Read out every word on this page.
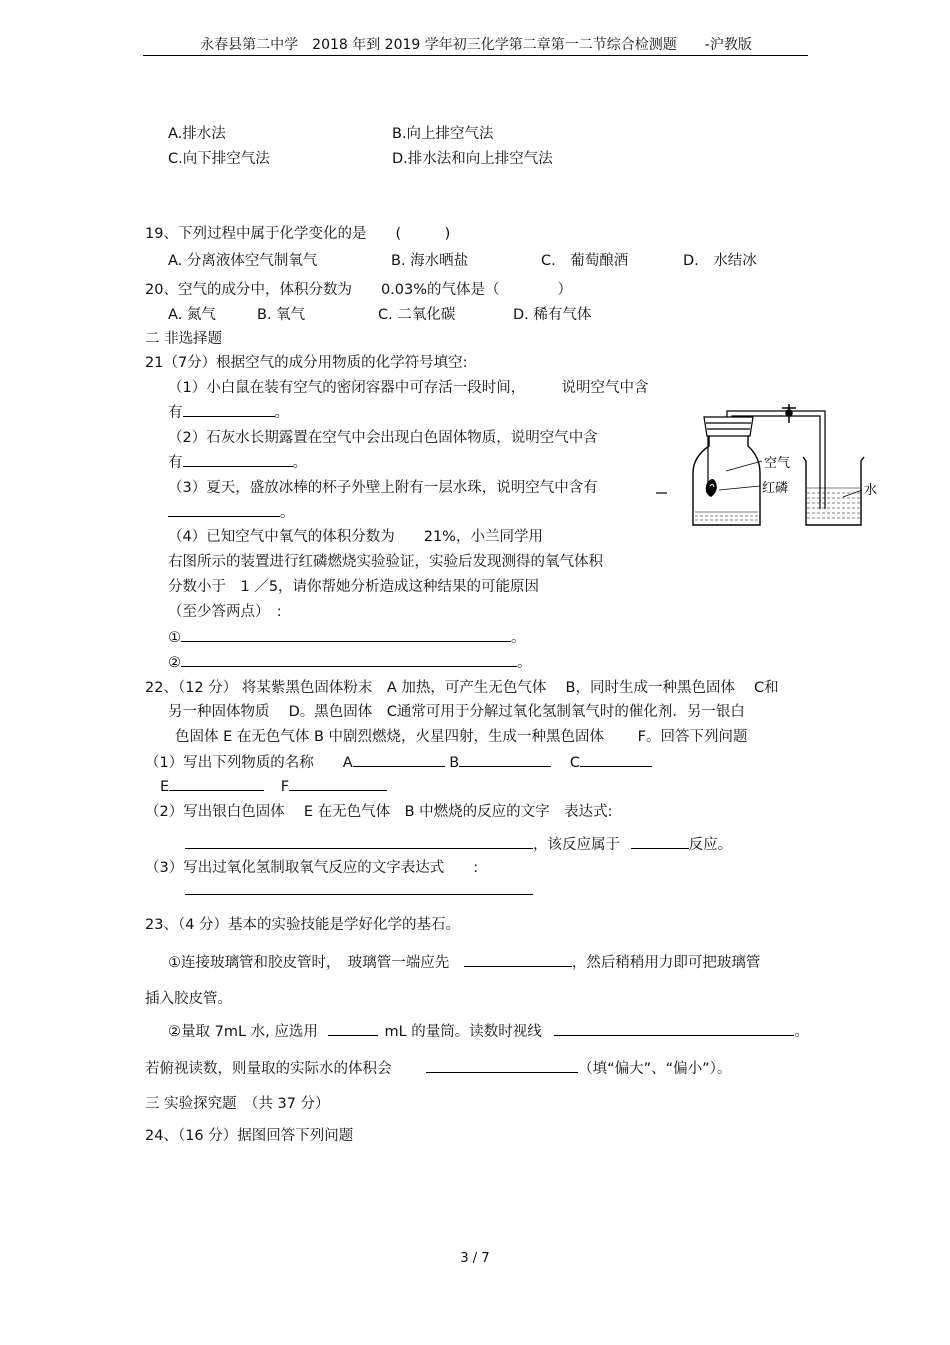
永春县第二中学　2018 年到 2019 学年初三化学第二章第一二节综合检测题　　-沪教版
A.排水法	B.向上排空气法
C.向下排空气法	D.排水法和向上排空气法
19、下列过程中属于化学变化的是　　(　　　)
A. 分离液体空气制氧气	B. 海水晒盐	C.　葡萄酿酒	D.　水结冰
20、空气的成分中，体积分数为　　0.03%的气体是（　　　　）
A. 氮气	B. 氧气	C. 二氧化碳	D. 稀有气体
二 非选择题
21（7分）根据空气的成分用物质的化学符号填空:
（1）小白鼠在装有空气的密闭容器中可存活一段时间，　　　说明空气中含
有	。
（2）石灰水长期露置在空气中会出现白色固体物质，说明空气中含
有	。
（3）夏天，盛放冰棒的杯子外壁上附有一层水珠，说明空气中含有
。
（4）已知空气中氧气的体积分数为　　21%，小兰同学用
右图所示的装置进行红磷燃烧实验验证，实验后发现测得的氧气体积
分数小于　1 ／5，请你帮她分析造成这种结果的可能原因
（至少答两点）　:
①	。
②	。
空气
红磷	水
22、（12 分） 将某紫黑色固体粉末　A 加热，可产生无色气体　 B，同时生成一种黑色固体　 C和
另一种固体物质　 D。黑色固体　C通常可用于分解过氧化氢制氧气时的催化剂．另一银白
色固体 E 在无色气体 B 中剧烈燃烧，火星四射，生成一种黑色固体　　 F。回答下列问题
（1）写出下列物质的名称　　A	B	C
E	F
（2）写出银白色固体　 E 在无色气体　B 中燃烧的反应的文字　表达式:
，该反应属于	反应。
（3）写出过氧化氢制取氧气反应的文字表达式　　:
23、（4 分）基本的实验技能是学好化学的基石。
①连接玻璃管和胶皮管时，　玻璃管一端应先	，然后稍稍用力即可把玻璃管
插入胶皮管。
②量取 7mL 水, 应选用	mL 的量筒。读数时视线	。
若俯视读数，则量取的实际水的体积会	（填“偏大”、“偏小”）。
三 实验探究题　（共 37 分）
24、（16 分）据图回答下列问题
3 / 7
